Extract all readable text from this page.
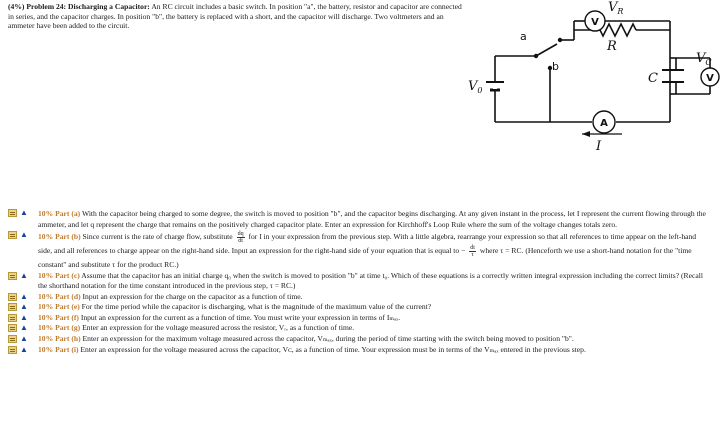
(4%) Problem 24: Discharging a Capacitor: An RC circuit includes a basic switch. In position "a", the battery, resistor and capacitor are connected in series, and the capacitor charges. In position "b", the battery is replaced with a short, and the capacitor will discharge. Two voltmeters and an ammeter have been added to the circuit.	V
V
A
$V_0$
R
C
$V_R$
$V_C$
I
a
b
▲ 10% Part (a) With the capacitor being charged to some degree, the switch is moved to position "b", and the capacitor begins discharging. At any given instant in the process, let I represent the current flowing through the ammeter, and let q represent the charge that remains on the positively charged capacitor plate. Enter an expression for Kirchhoff's Loop Rule where the sum of the voltage changes totals zero.
▲ 10% Part (b) Since current is the rate of charge flow, substitute $\frac{dq}{dt}$ for I in your expression from the previous step. With a little algebra, rearrange your expression so that all references to time appear on the left-hand side, and all references to charge appear on the right-hand side. Input an expression for the right-hand side of your equation that is equal to − $\frac{dt}{\tau}$ where τ = RC. (Henceforth we use a short-hand notation for the "time constant" and substitute τ for the product RC.)
▲ 10% Part (c) Assume that the capacitor has an initial charge q₀ when the switch is moved to position "b" at time t₀. Which of these equations is a correctly written integral expression including the correct limits? (Recall the shorthand notation for the time constant introduced in the previous step, τ = RC.)
▲ 10% Part (d) Input an expression for the charge on the capacitor as a function of time.
▲ 10% Part (e) For the time period while the capacitor is discharging, what is the magnitude of the maximum value of the current?
▲ 10% Part (f) Input an expression for the current as a function of time. You must write your expression in terms of Iₘₐₓ.
▲ 10% Part (g) Enter an expression for the voltage measured across the resistor, Vᵣ, as a function of time.
▲ 10% Part (h) Enter an expression for the maximum voltage measured across the capacitor, Vₘₐₓ, during the period of time starting with the switch being moved to position "b".
▲ 10% Part (i) Enter an expression for the voltage measured across the capacitor, Vᴄ, as a function of time. Your expression must be in terms of the Vₘₐₓ entered in the previous step.
